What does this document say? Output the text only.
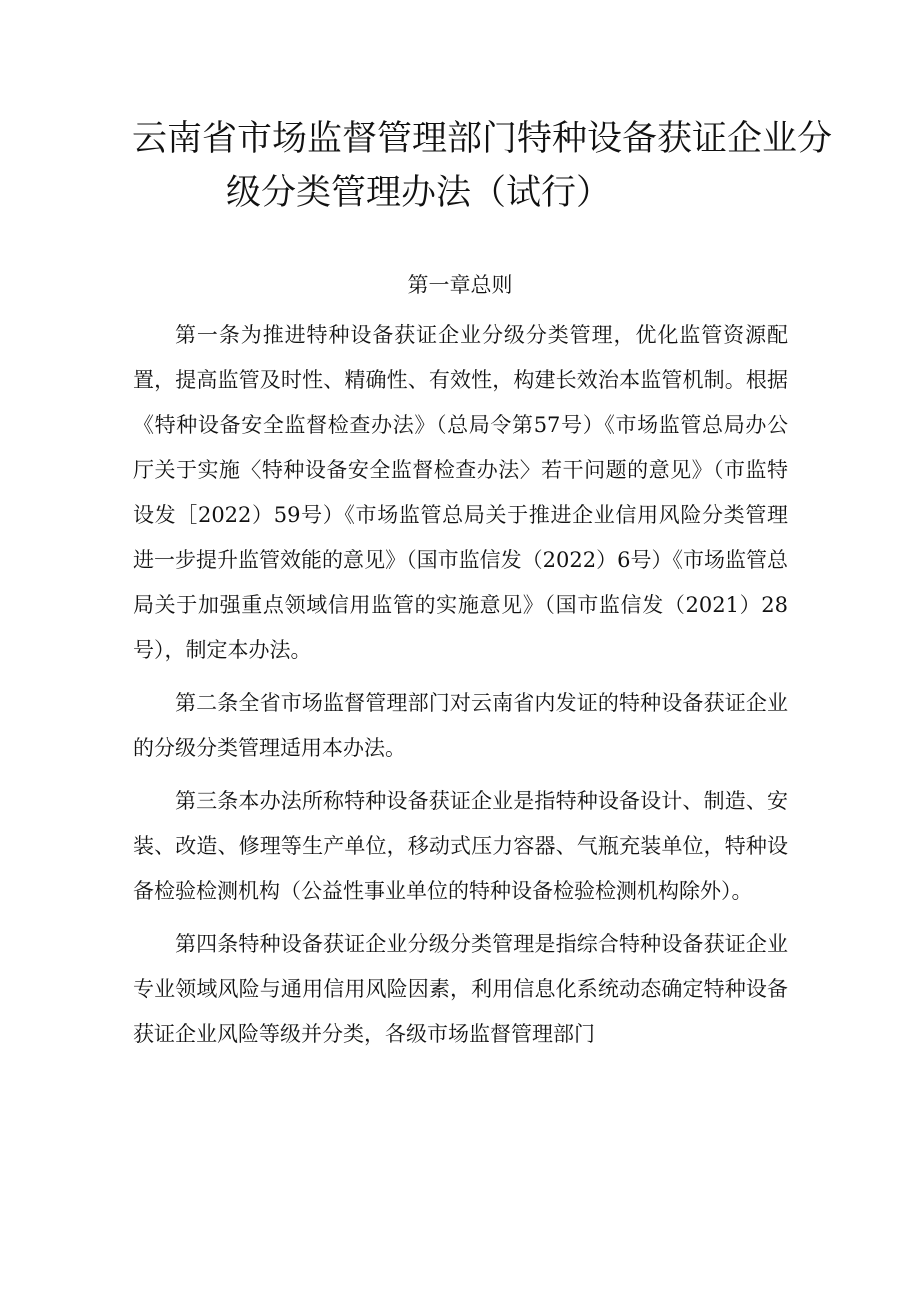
云南省市场监督管理部门特种设备获证企业分
级分类管理办法（试行）
第一章总则

第一条为推进特种设备获证企业分级分类管理，优化监管资源配置，提高监管及时性、精确性、有效性，构建长效治本监管机制。根据《特种设备安全监督检查办法》（总局令第57号）《市场监管总局办公厅关于实施〈特种设备安全监督检查办法〉若干问题的意见》（市监特设发［2022）59号）《市场监管总局关于推进企业信用风险分类管理进一步提升监管效能的意见》（国市监信发（2022）6号）《市场监管总局关于加强重点领域信用监管的实施意见》（国市监信发（2021）28号），制定本办法。

第二条全省市场监督管理部门对云南省内发证的特种设备获证企业的分级分类管理适用本办法。

第三条本办法所称特种设备获证企业是指特种设备设计、制造、安装、改造、修理等生产单位，移动式压力容器、气瓶充装单位，特种设备检验检测机构（公益性事业单位的特种设备检验检测机构除外）。

第四条特种设备获证企业分级分类管理是指综合特种设备获证企业专业领域风险与通用信用风险因素，利用信息化系统动态确定特种设备获证企业风险等级并分类，各级市场监督管理部门
